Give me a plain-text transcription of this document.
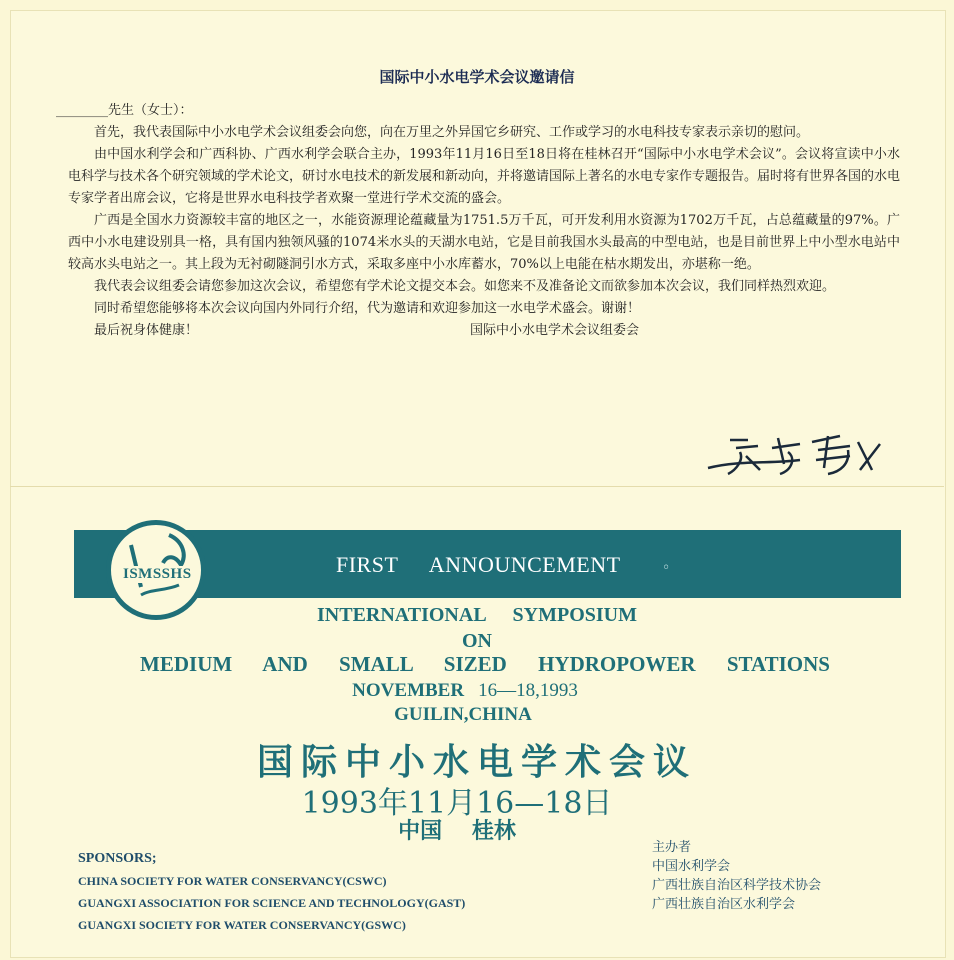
国际中小水电学术会议邀请信

________先生（女士）：

首先，我代表国际中小水电学术会议组委会向您，向在万里之外异国它乡研究、工作或学习的水电科技专家表示亲切的慰问。

由中国水利学会和广西科协、广西水利学会联合主办，1993年11月16日至18日将在桂林召开“国际中小水电学术会议”。会议将宣读中小水电科学与技术各个研究领域的学术论文，研讨水电技术的新发展和新动向，并将邀请国际上著名的水电专家作专题报告。届时将有世界各国的水电专家学者出席会议，它将是世界水电科技学者欢聚一堂进行学术交流的盛会。

广西是全国水力资源较丰富的地区之一，水能资源理论蕴藏量为1751.5万千瓦，可开发利用水资源为1702万千瓦，占总蕴藏量的97%。广西中小水电建设别具一格，具有国内独领风骚的1074米水头的天湖水电站，它是目前我国水头最高的中型电站，也是目前世界上中小型水电站中较高水头电站之一。其上段为无衬砌隧洞引水方式，采取多座中小水库蓄水，70%以上电能在枯水期发出，亦堪称一绝。

我代表会议组委会请您参加这次会议，希望您有学术论文提交本会。如您来不及准备论文而欲参加本次会议，我们同样热烈欢迎。

同时希望您能够将本次会议向国内外同行介绍，代为邀请和欢迎参加这一水电学术盛会。谢谢！

最后祝身体健康！	国际中小水电学术会议组委会
FIRST ANNOUNCEMENT	◦
ISMSSHS
INTERNATIONAL SYMPOSIUM
ON
MEDIUM AND SMALL SIZED HYDROPOWER STATIONS
NOVEMBER 16—18,1993
GUILIN,CHINA
国际中小水电学术会议
1993年11月16—18日
中国 桂林
SPONSORS;
CHINA SOCIETY FOR WATER CONSERVANCY(CSWC)
GUANGXI ASSOCIATION FOR SCIENCE AND TECHNOLOGY(GAST)
GUANGXI SOCIETY FOR WATER CONSERVANCY(GSWC)
主办者
中国水利学会
广西壮族自治区科学技术协会
广西壮族自治区水利学会
